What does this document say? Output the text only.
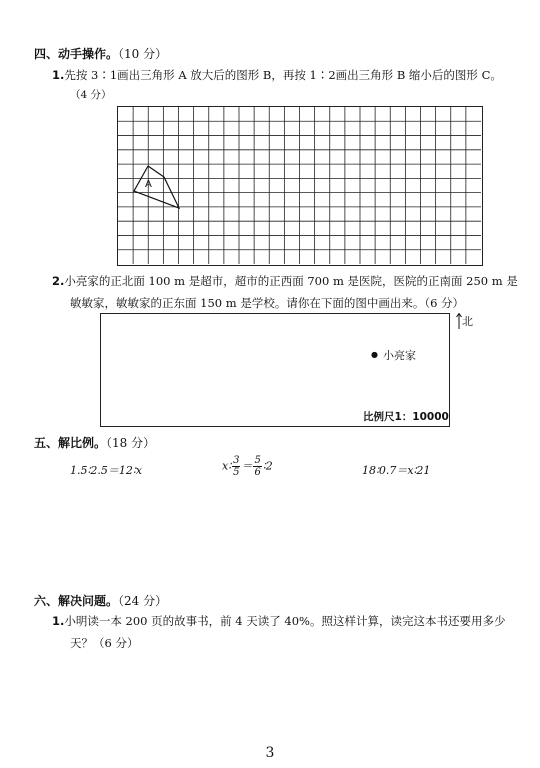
四、动手操作。（10 分）
1.先按 3∶1画出三角形 A 放大后的图形 B，再按 1∶2画出三角形 B 缩小后的图形 C。
（4 分）
A
2.小亮家的正北面 100 m 是超市，超市的正西面 700 m 是医院，医院的正南面 250 m 是
敏敏家，敏敏家的正东面 150 m 是学校。请你在下面的图中画出来。（6 分）
北
● 小亮家
比例尺1：10000
五、解比例。（18 分）
1.5∶2.5＝12∶x	x∶ $\frac{3}{5} = \frac{5}{6}$ ∶2	18∶0.7＝x∶21
六、解决问题。（24 分）
1.小明读一本 200 页的故事书，前 4 天读了 40%。照这样计算，读完这本书还要用多少
天？（6 分）
3
